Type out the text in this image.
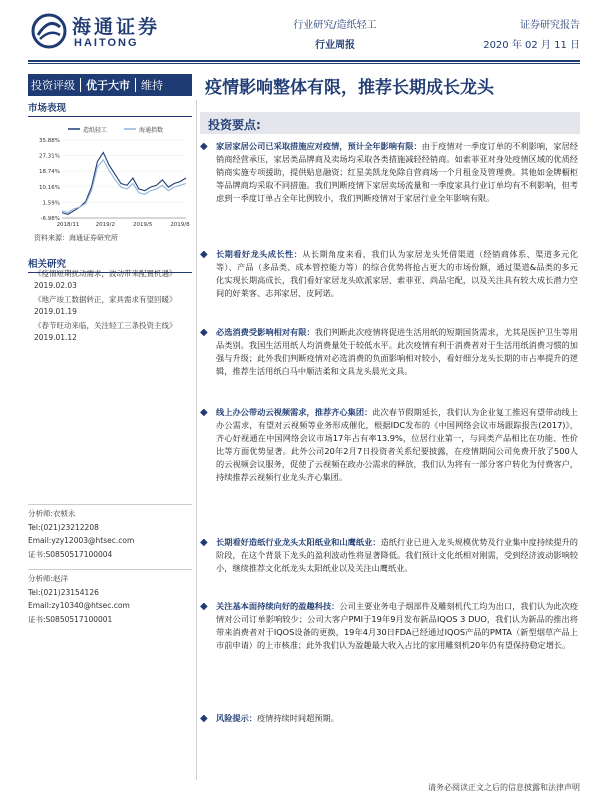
海通证券
HAITONG
行业研究/造纸轻工
行业周报
证券研究报告
2020 年 02 月 11 日
投资评级 优于大市 维持 疫情影响整体有限，推荐长期成长龙头
市场表现
造纸轻工	海通指数
35.88%
27.31%
18.74%
10.16%
1.59%
-6.98%
2018/11	2019/2	2019/5	2019/8
资料来源：海通证券研究所
相关研究
《疫情短期扰动需求，波动带来配置机遇》2019.02.03
《地产竣工数据转正，家具需求有望回暖》2019.01.19
《春节旺动来临，关注轻工三条投资主线》2019.01.12
分析师:衣桢永
Tel:(021)23212208
Email:yzy12003@htsec.com
证书:S0850517100004
分析师:赵洋
Tel:(021)23154126
Email:zy10340@htsec.com
证书:S0850517100001
投资要点:
◆ 家居家居公司已采取措施应对疫情，预计全年影响有限：由于疫情对一季度订单的不利影响，家居经销商经营承压，家居类品牌商及卖场均采取各类措施减轻经销商。如索菲亚对身处疫情区域的优质经销商实施专项援助，提供贴息融资；红星美凯龙免除自营商场一个月租金及管理费。其他如金牌橱柜等品牌商均采取不同措施。我们判断疫情下家居卖场流量和一季度家具行业订单均有不利影响，但考虑到一季度订单占全年比例较小，我们判断疫情对于家居行业全年影响有限。
◆ 长期看好龙头成长性：从长期角度来看，我们认为家居龙头凭借渠道（经销商体系、渠道多元化等）、产品（多品类、成本管控能力等）的综合优势将抢占更大的市场份额，通过渠道&品类的多元化实现长期高成长，我们看好家居龙头欧派家居、索菲亚、尚品宅配，以及关注具有较大成长潜力空间的好莱客、志邦家居、皮阿诺。
◆ 必选消费受影响相对有限：我们判断此次疫情将促进生活用纸的短期国货需求，尤其是医护卫生等用品类别。我国生活用纸人均消费量处于较低水平。此次疫情有利于消费者对于生活用纸消费习惯的加强与升级；此外我们判断疫情对必选消费的负面影响相对较小，看好细分龙头长期的市占率提升的逻辑，推荐生活用纸白马中顺洁柔和文具龙头晨光文具。
◆ 线上办公带动云视频需求，推荐齐心集团：此次春节假期延长，我们认为企业复工推迟有望带动线上办公需求，有望对云视频等业务形成催化，根据IDC发布的《中国网络会议市场跟踪报告(2017)》，齐心好视通在中国网络会议市场17年占有率13.9%，位居行业第一，与同类产品相比在功能、性价比等方面优势显著。此外公司20年2月7日投资者关系纪要披露，在疫情期间公司免费开放了500人的云视频会议服务，促使了云视频在政办公需求的释放，我们认为将有一部分客户转化为付费客户，持续推荐云视频行业龙头齐心集团。
◆ 长期看好造纸行业龙头太阳纸业和山鹰纸业：造纸行业已进入龙头规模优势及行业集中度持续提升的阶段，在这个背景下龙头的盈利波动性将显著降低。我们预计文化纸相对刚需，受到经济波动影响较小，继续推荐文化纸龙头太阳纸业以及关注山鹰纸业。
◆ 关注基本面持续向好的盈趣科技：公司主要业务电子烟部件及雕刻机代工均为出口，我们认为此次疫情对公司订单影响较少；公司大客户PMI于19年9月发布新品IQOS 3 DUO，我们认为新品的推出将带来消费者对于IQOS设备的更换，19年4月30日FDA已经通过IQOS产品的PMTA（新型烟草产品上市前申请）的上市核准；此外我们认为盈趣最大收入占比的家用雕刻机20年仍有望保持稳定增长。
◆ 风险提示：疫情持续时间超预期。
请务必阅读正文之后的信息披露和法律声明
